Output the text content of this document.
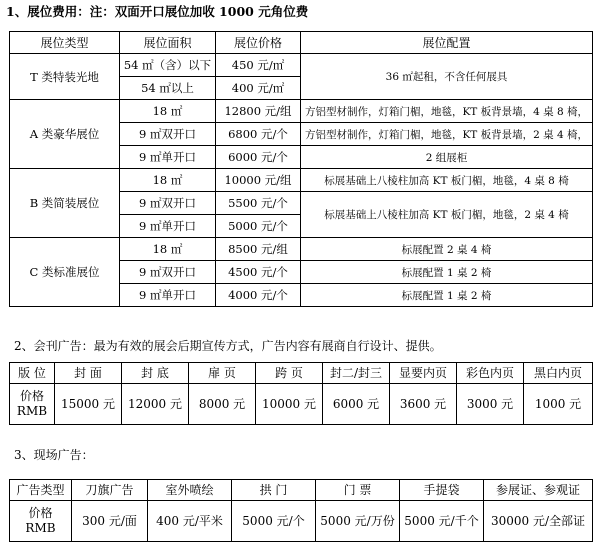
1、展位费用：注：双面开口展位加收 1000 元角位费
展位类型	展位面积	展位价格	展位配置
T 类特装光地	54 ㎡（含）以下	450 元/㎡	36 ㎡起租，不含任何展具
	54 ㎡以上	400 元/㎡	
A 类豪华展位	18 ㎡	12800 元/组	方铝型材制作，灯箱门楣，地毯，KT 板背景墙，4 桌 8 椅，
	9 ㎡双开口	6800 元/个	方铝型材制作，灯箱门楣，地毯，KT 板背景墙，2 桌 4 椅，
	9 ㎡单开口	6000 元/个	2 组展柜
B 类简装展位	18 ㎡	10000 元/组	标展基础上八棱柱加高 KT 板门楣，地毯，4 桌 8 椅
	9 ㎡双开口	5500 元/个	标展基础上八棱柱加高 KT 板门楣，地毯，2 桌 4 椅
	9 ㎡单开口	5000 元/个	
C 类标准展位	18 ㎡	8500 元/组	标展配置 2 桌 4 椅
	9 ㎡双开口	4500 元/个	标展配置 1 桌 2 椅
	9 ㎡单开口	4000 元/个	标展配置 1 桌 2 椅
2、会刊广告：最为有效的展会后期宣传方式，广告内容有展商自行设计、提供。
版 位	封 面	封 底	扉 页	跨 页	封二/封三	显要内页	彩色内页	黑白内页
价格
RMB	15000 元	12000 元	8000 元	10000 元	6000 元	3600 元	3000 元	1000 元
3、现场广告：
广告类型	刀旗广告	室外喷绘	拱 门	门 票	手提袋	参展证、参观证
价格
RMB	300 元/面	400 元/平米	5000 元/个	5000 元/万份	5000 元/千个	30000 元/全部证
